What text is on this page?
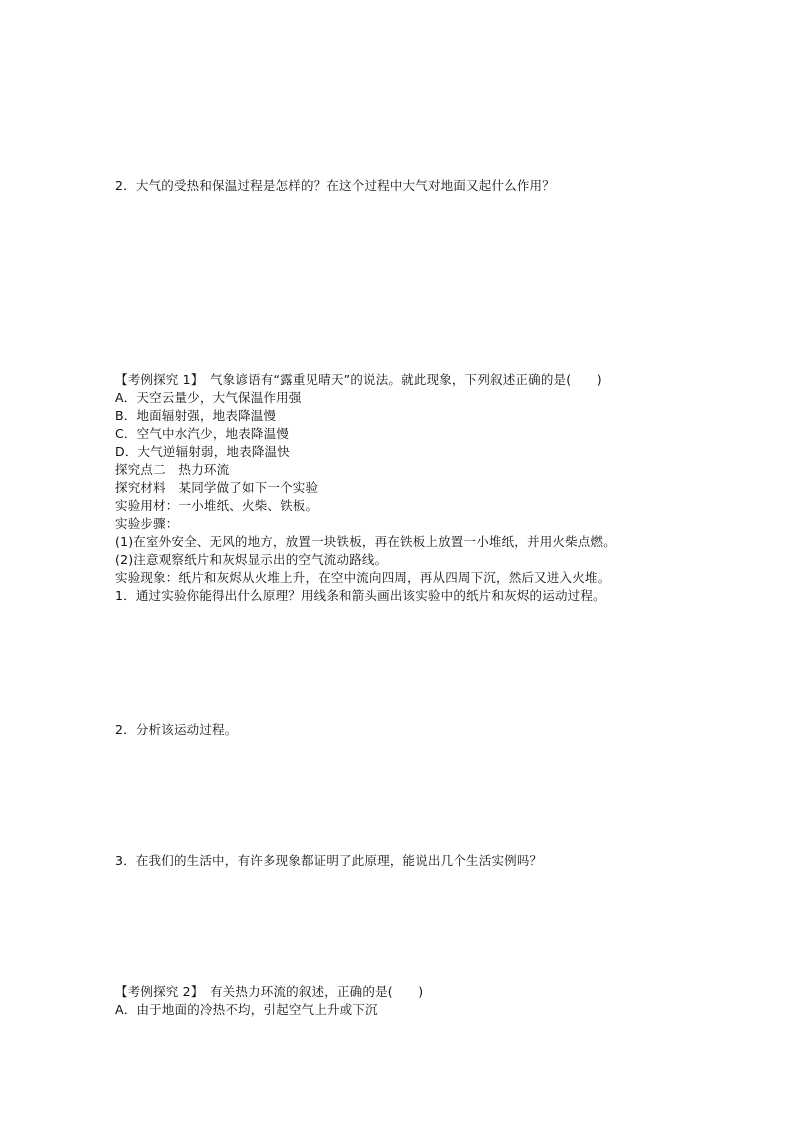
2．大气的受热和保温过程是怎样的？在这个过程中大气对地面又起什么作用？
【考例探究 1】　气象谚语有“露重见晴天”的说法。就此现象，下列叙述正确的是(　　)
A．天空云量少，大气保温作用强
B．地面辐射强，地表降温慢
C．空气中水汽少，地表降温慢
D．大气逆辐射弱，地表降温快
探究点二　热力环流
探究材料　某同学做了如下一个实验
实验用材：一小堆纸、火柴、铁板。
实验步骤：
(1)在室外安全、无风的地方，放置一块铁板，再在铁板上放置一小堆纸，并用火柴点燃。
(2)注意观察纸片和灰烬显示出的空气流动路线。
实验现象：纸片和灰烬从火堆上升，在空中流向四周，再从四周下沉，然后又进入火堆。
1．通过实验你能得出什么原理？用线条和箭头画出该实验中的纸片和灰烬的运动过程。
2．分析该运动过程。
3．在我们的生活中，有许多现象都证明了此原理，能说出几个生活实例吗？
【考例探究 2】　有关热力环流的叙述，正确的是(　　)
A．由于地面的冷热不均，引起空气上升或下沉
